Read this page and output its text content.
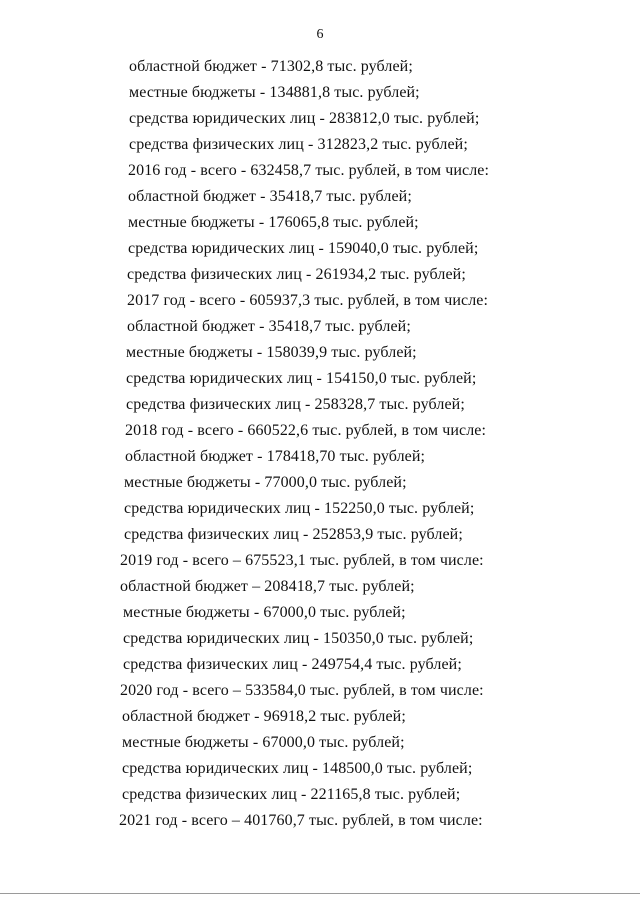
6
областной бюджет - 71302,8 тыс. рублей;
местные бюджеты - 134881,8 тыс. рублей;
средства юридических лиц - 283812,0 тыс. рублей;
средства физических лиц - 312823,2 тыс. рублей;
2016 год - всего - 632458,7 тыс. рублей, в том числе:
областной бюджет - 35418,7 тыс. рублей;
местные бюджеты - 176065,8 тыс. рублей;
средства юридических лиц - 159040,0 тыс. рублей;
средства физических лиц - 261934,2 тыс. рублей;
2017 год - всего - 605937,3 тыс. рублей, в том числе:
областной бюджет - 35418,7 тыс. рублей;
местные бюджеты - 158039,9 тыс. рублей;
средства юридических лиц - 154150,0 тыс. рублей;
средства физических лиц - 258328,7 тыс. рублей;
2018 год - всего - 660522,6 тыс. рублей, в том числе:
областной бюджет - 178418,70 тыс. рублей;
местные бюджеты - 77000,0 тыс. рублей;
средства юридических лиц - 152250,0 тыс. рублей;
средства физических лиц - 252853,9 тыс. рублей;
2019 год - всего – 675523,1 тыс. рублей, в том числе:
областной бюджет – 208418,7 тыс. рублей;
местные бюджеты - 67000,0 тыс. рублей;
средства юридических лиц - 150350,0 тыс. рублей;
средства физических лиц - 249754,4 тыс. рублей;
2020 год - всего – 533584,0 тыс. рублей, в том числе:
областной бюджет - 96918,2 тыс. рублей;
местные бюджеты - 67000,0 тыс. рублей;
средства юридических лиц - 148500,0 тыс. рублей;
средства физических лиц - 221165,8 тыс. рублей;
2021 год - всего – 401760,7 тыс. рублей, в том числе:
